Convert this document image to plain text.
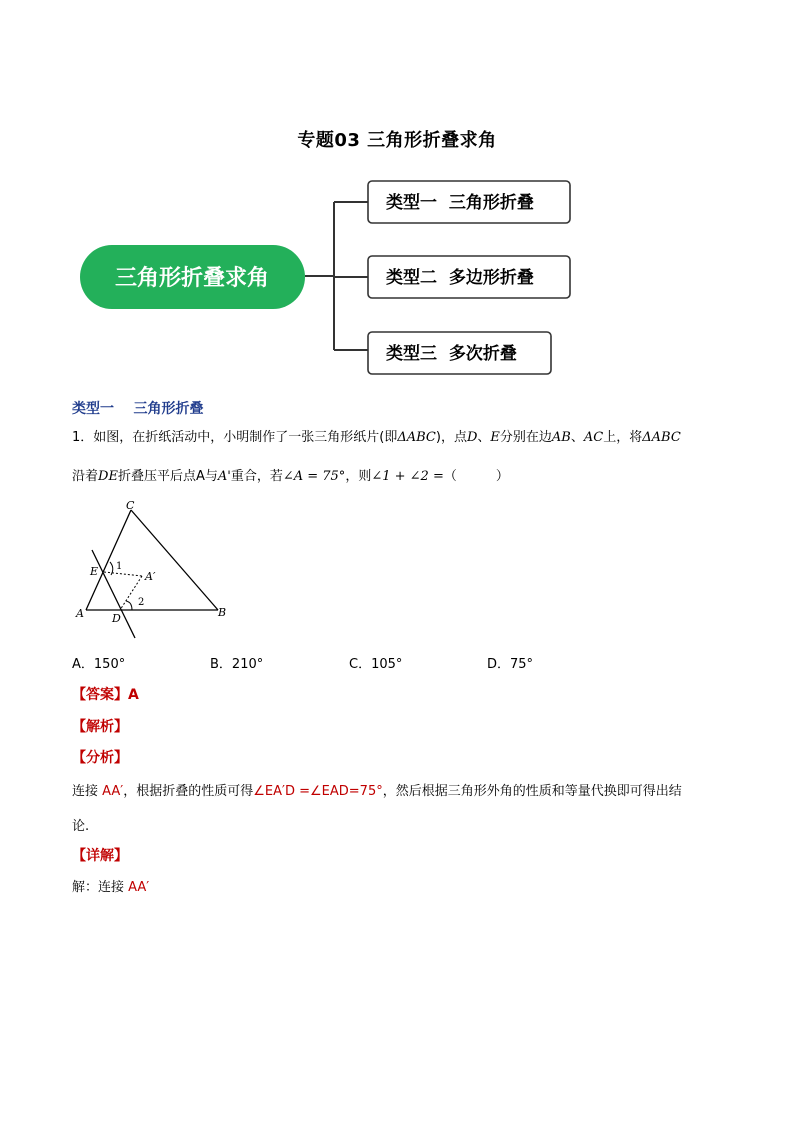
专题03 三角形折叠求角
三角形折叠求角
类型一  三角形折叠
类型二  多边形折叠
类型三  多次折叠
类型一 三角形折叠
1．如图，在折纸活动中，小明制作了一张三角形纸片(即ΔABC)，点D、E分别在边AB、AC上，将ΔABC
沿着DE折叠压平后点A与A'重合，若∠A = 75°，则∠1 + ∠2 =（　　　）
C
E 1
A′
2
A	D	B
A．150°	B．210°	C．105°	D．75°
【答案】A
【解析】
【分析】
连接 AA′，根据折叠的性质可得∠EA′D =∠EAD=75°，然后根据三角形外角的性质和等量代换即可得出结
论.
【详解】
解：连接 AA′
